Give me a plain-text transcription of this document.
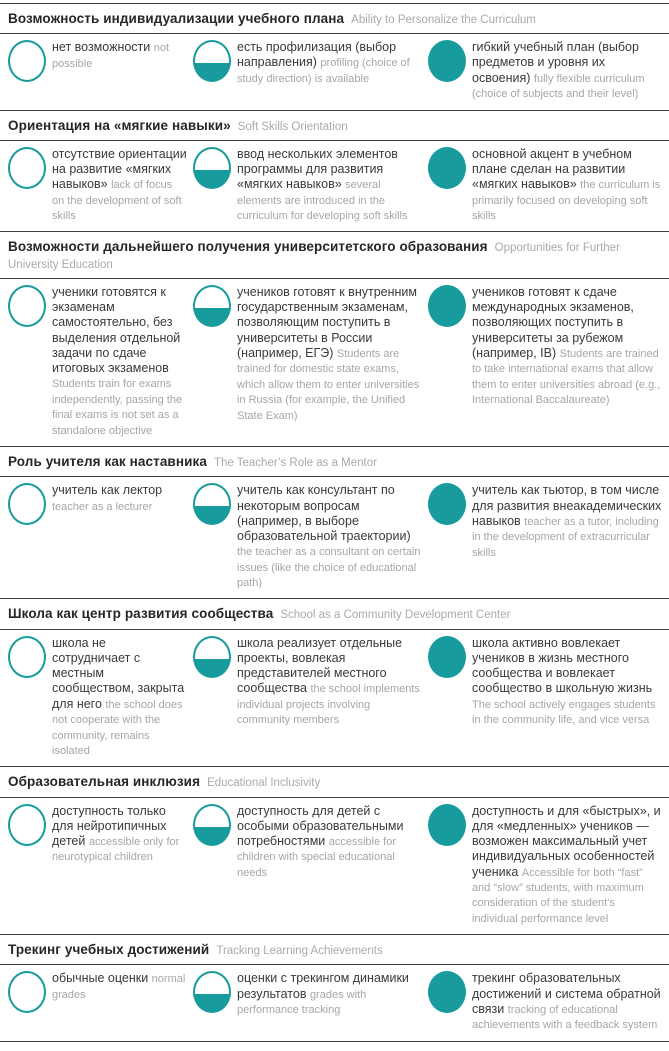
Возможность индивидуализации учебного плана Ability to Personalize the Curriculum

нет возможности not possible

есть профилизация (выбор направления) profiling (choice of study direction) is available

гибкий учебный план (выбор предметов и уровня их освоения) fully flexible curriculum (choice of subjects and their level)

Ориентация на «мягкие навыки» Soft Skills Orientation

отсутствие ориентации на развитие «мягких навыков» lack of focus on the development of soft skills

ввод нескольких элементов программы для развития «мягких навыков» several elements are introduced in the curriculum for developing soft skills

основной акцент в учебном плане сделан на развитии «мягких навыков» the curriculum is primarily focused on developing soft skills

Возможности дальнейшего получения университетского образования Opportunities for Further University Education

ученики готовятся к экзаменам самостоятельно, без выделения отдельной задачи по сдаче итоговых экзаменов Students train for exams independently, passing the final exams is not set as a standalone objective

учеников готовят к внутренним государственным экзаменам, позволяющим поступить в университеты в России (например, ЕГЭ) Students are trained for domestic state exams, which allow them to enter universities in Russia (for example, the Unified State Exam)

учеников готовят к сдаче международных экзаменов, позволяющих поступить в университеты за рубежом (например, IB) Students are trained to take international exams that allow them to enter universities abroad (e.g., International Baccalaureate)

Роль учителя как наставника The Teacher’s Role as a Mentor

учитель как лектор teacher as a lecturer

учитель как консультант по некоторым вопросам (например, в выборе образовательной траектории) the teacher as a consultant on certain issues (like the choice of educational path)

учитель как тьютор, в том числе для развития внеакадемических навыков teacher as a tutor, including in the development of extracurricular skills

Школа как центр развития сообщества School as a Community Development Center

школа не сотрудничает с местным сообществом, закрыта для него the school does not cooperate with the community, remains isolated

школа реализует отдельные проекты, вовлекая представителей местного сообщества the school implements individual projects involving community members

школа активно вовлекает учеников в жизнь местного сообщества и вовлекает сообщество в школьную жизнь The school actively engages students in the community life, and vice versa

Образовательная инклюзия Educational Inclusivity

доступность только для нейротипичных детей accessible only for neurotypical children

доступность для детей с особыми образовательными потребностями accessible for children with special educational needs

доступность и для «быстрых», и для «медленных» учеников — возможен максимальный учет индивидуальных особенностей ученика Accessible for both “fast” and “slow” students, with maximum consideration of the student’s individual performance level

Трекинг учебных достижений Tracking Learning Achievements

обычные оценки normal grades

оценки с трекингом динамики результатов grades with performance tracking

трекинг образовательных достижений и система обратной связи tracking of educational achievements with a feedback system
